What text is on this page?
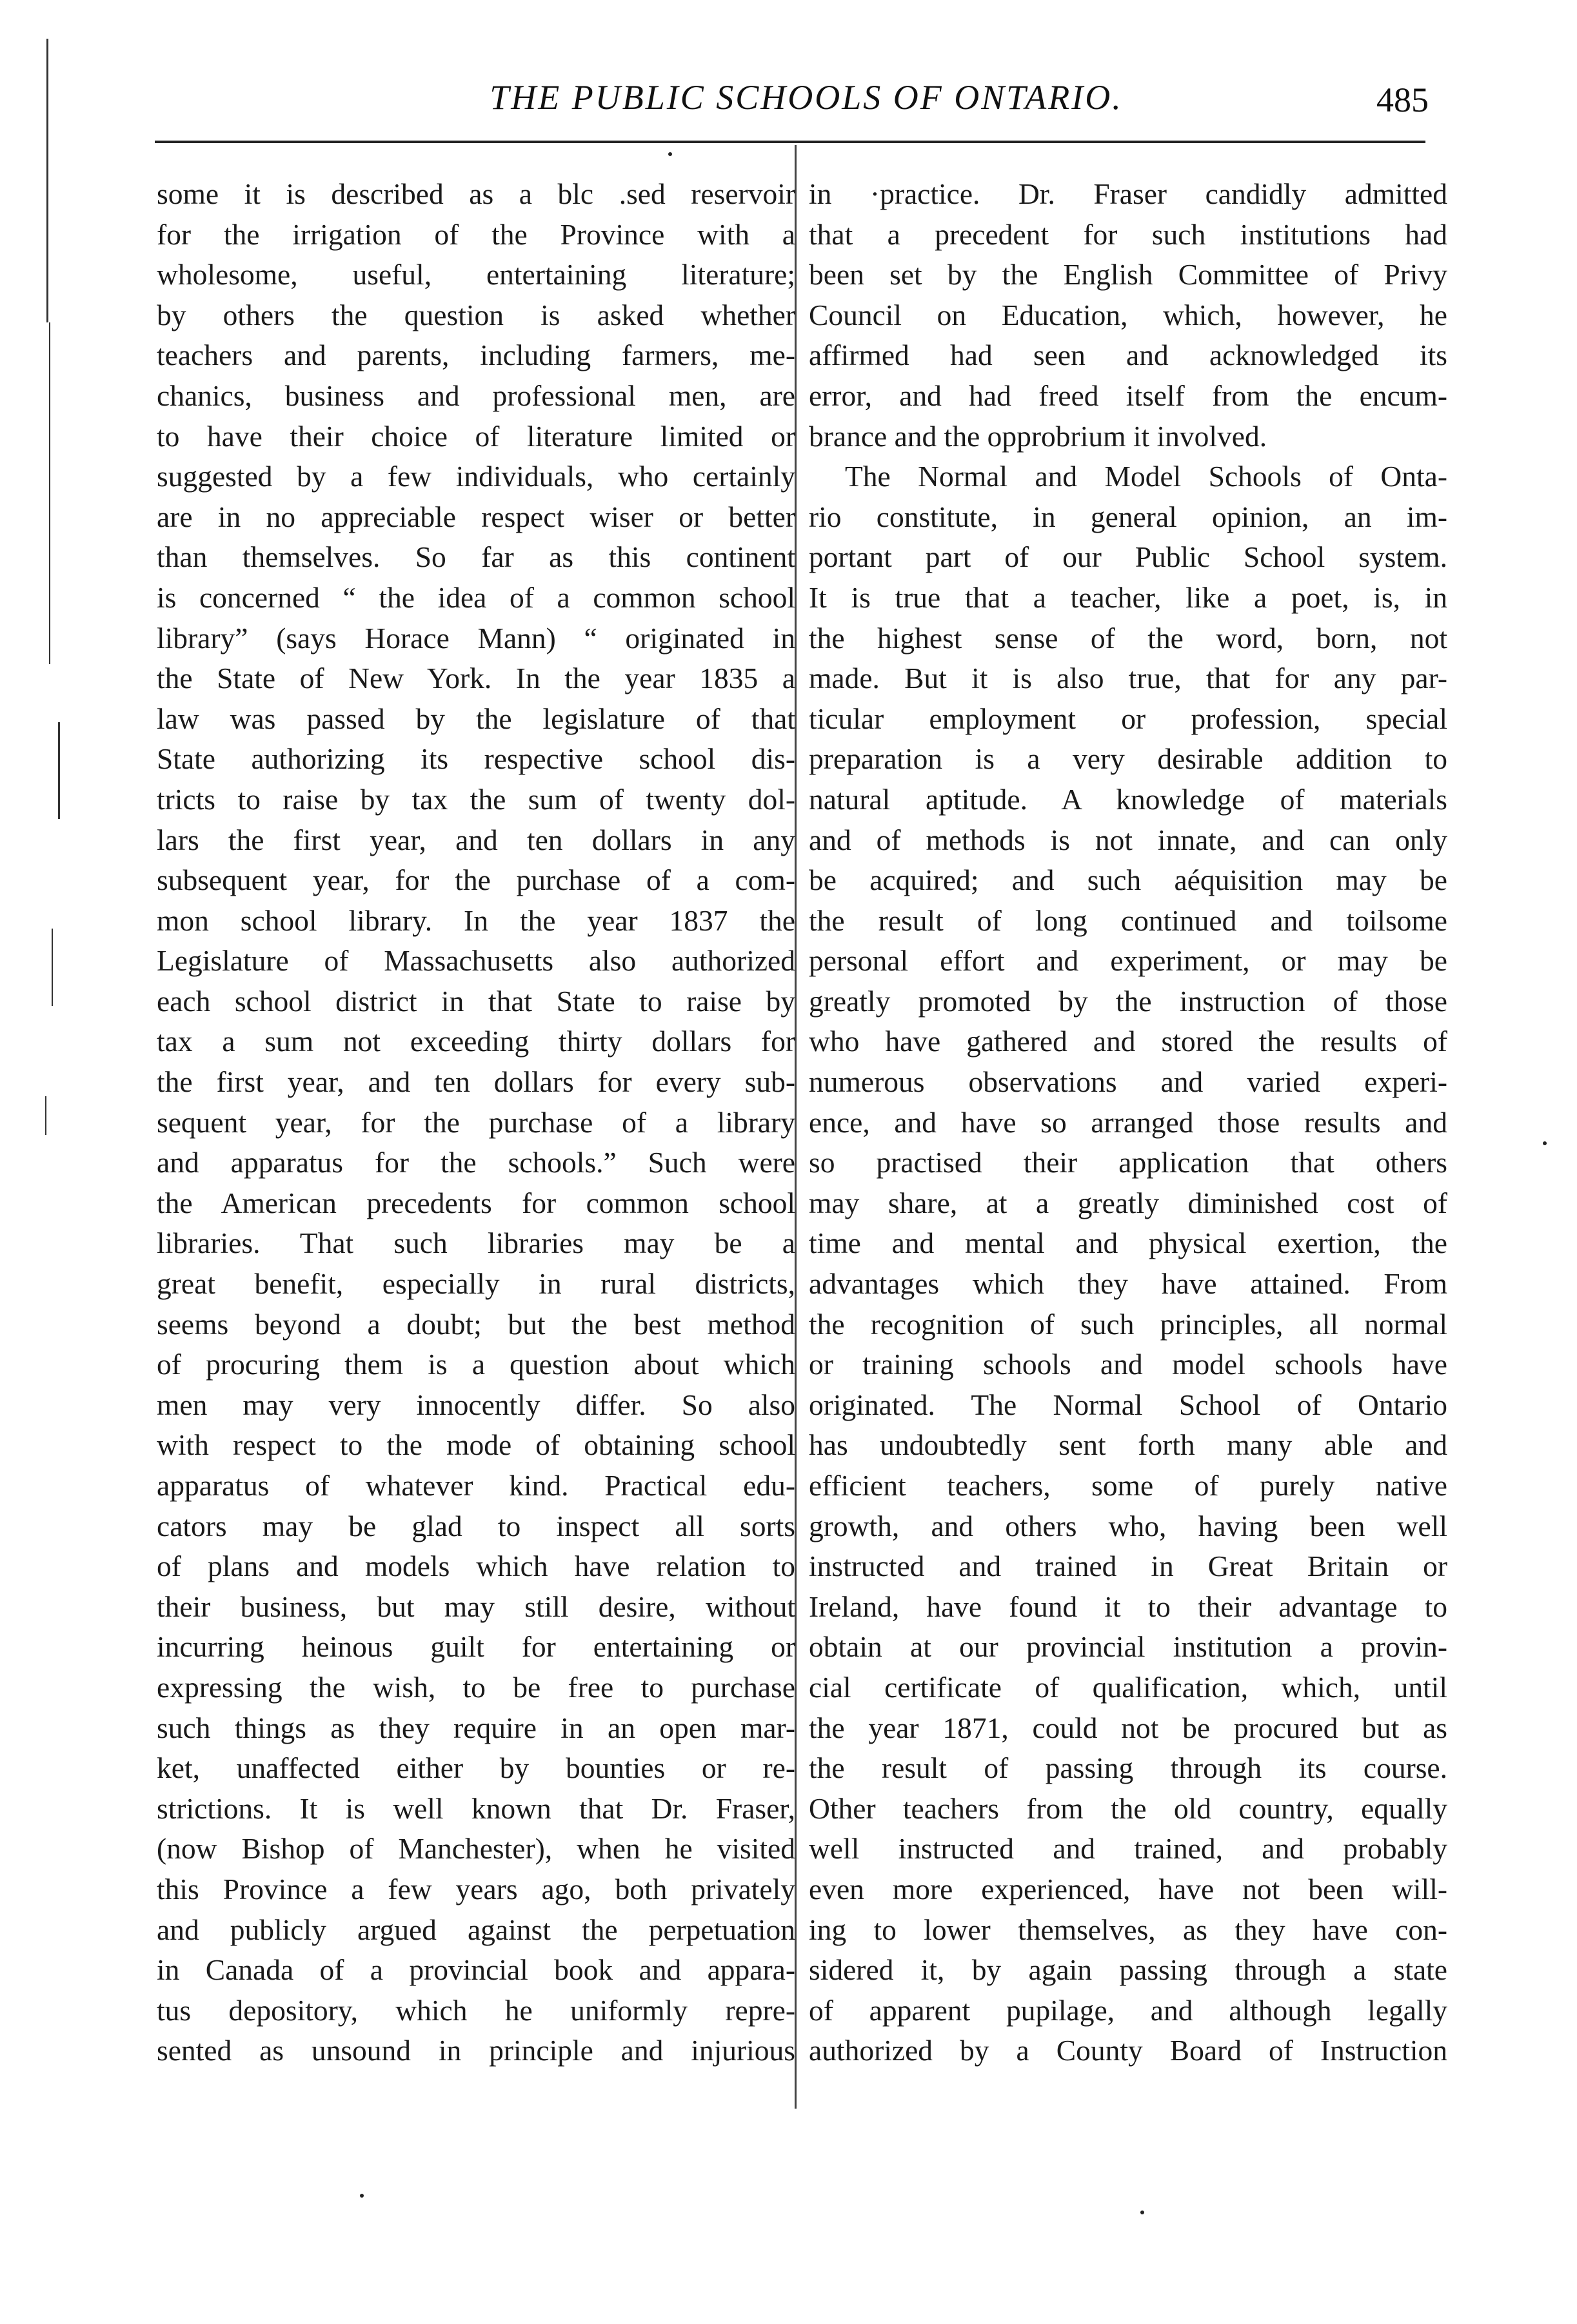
THE PUBLIC SCHOOLS OF ONTARIO.	485
some it is described as a blc .sed reservoir
for the irrigation of the Province with a
wholesome, useful, entertaining literature;
by others the question is asked whether
teachers and parents, including farmers, me-
chanics, business and professional men, are
to have their choice of literature limited or
suggested by a few individuals, who certainly
are in no appreciable respect wiser or better
than themselves. So far as this continent
is concerned “ the idea of a common school
library” (says Horace Mann) “ originated in
the State of New York. In the year 1835 a
law was passed by the legislature of that
State authorizing its respective school dis-
tricts to raise by tax the sum of twenty dol-
lars the first year, and ten dollars in any
subsequent year, for the purchase of a com-
mon school library. In the year 1837 the
Legislature of Massachusetts also authorized
each school district in that State to raise by
tax a sum not exceeding thirty dollars for
the first year, and ten dollars for every sub-
sequent year, for the purchase of a library
and apparatus for the schools.” Such were
the American precedents for common school
libraries. That such libraries may be a
great benefit, especially in rural districts,
seems beyond a doubt; but the best method
of procuring them is a question about which
men may very innocently differ. So also
with respect to the mode of obtaining school
apparatus of whatever kind. Practical edu-
cators may be glad to inspect all sorts
of plans and models which have relation to
their business, but may still desire, without
incurring heinous guilt for entertaining or
expressing the wish, to be free to purchase
such things as they require in an open mar-
ket, unaffected either by bounties or re-
strictions. It is well known that Dr. Fraser,
(now Bishop of Manchester), when he visited
this Province a few years ago, both privately
and publicly argued against the perpetuation
in Canada of a provincial book and appara-
tus depository, which he uniformly repre-
sented as unsound in principle and injurious
in ·practice. Dr. Fraser candidly admitted
that a precedent for such institutions had
been set by the English Committee of Privy
Council on Education, which, however, he
affirmed had seen and acknowledged its
error, and had freed itself from the encum-
brance and the opprobrium it involved.
The Normal and Model Schools of Onta-
rio constitute, in general opinion, an im-
portant part of our Public School system.
It is true that a teacher, like a poet, is, in
the highest sense of the word, born, not
made. But it is also true, that for any par-
ticular employment or profession, special
preparation is a very desirable addition to
natural aptitude. A knowledge of materials
and of methods is not innate, and can only
be acquired; and such aéquisition may be
the result of long continued and toilsome
personal effort and experiment, or may be
greatly promoted by the instruction of those
who have gathered and stored the results of
numerous observations and varied experi-
ence, and have so arranged those results and
so practised their application that others
may share, at a greatly diminished cost of
time and mental and physical exertion, the
advantages which they have attained. From
the recognition of such principles, all normal
or training schools and model schools have
originated. The Normal School of Ontario
has undoubtedly sent forth many able and
efficient teachers, some of purely native
growth, and others who, having been well
instructed and trained in Great Britain or
Ireland, have found it to their advantage to
obtain at our provincial institution a provin-
cial certificate of qualification, which, until
the year 1871, could not be procured but as
the result of passing through its course.
Other teachers from the old country, equally
well instructed and trained, and probably
even more experienced, have not been will-
ing to lower themselves, as they have con-
sidered it, by again passing through a state
of apparent pupilage, and although legally
authorized by a County Board of Instruction
